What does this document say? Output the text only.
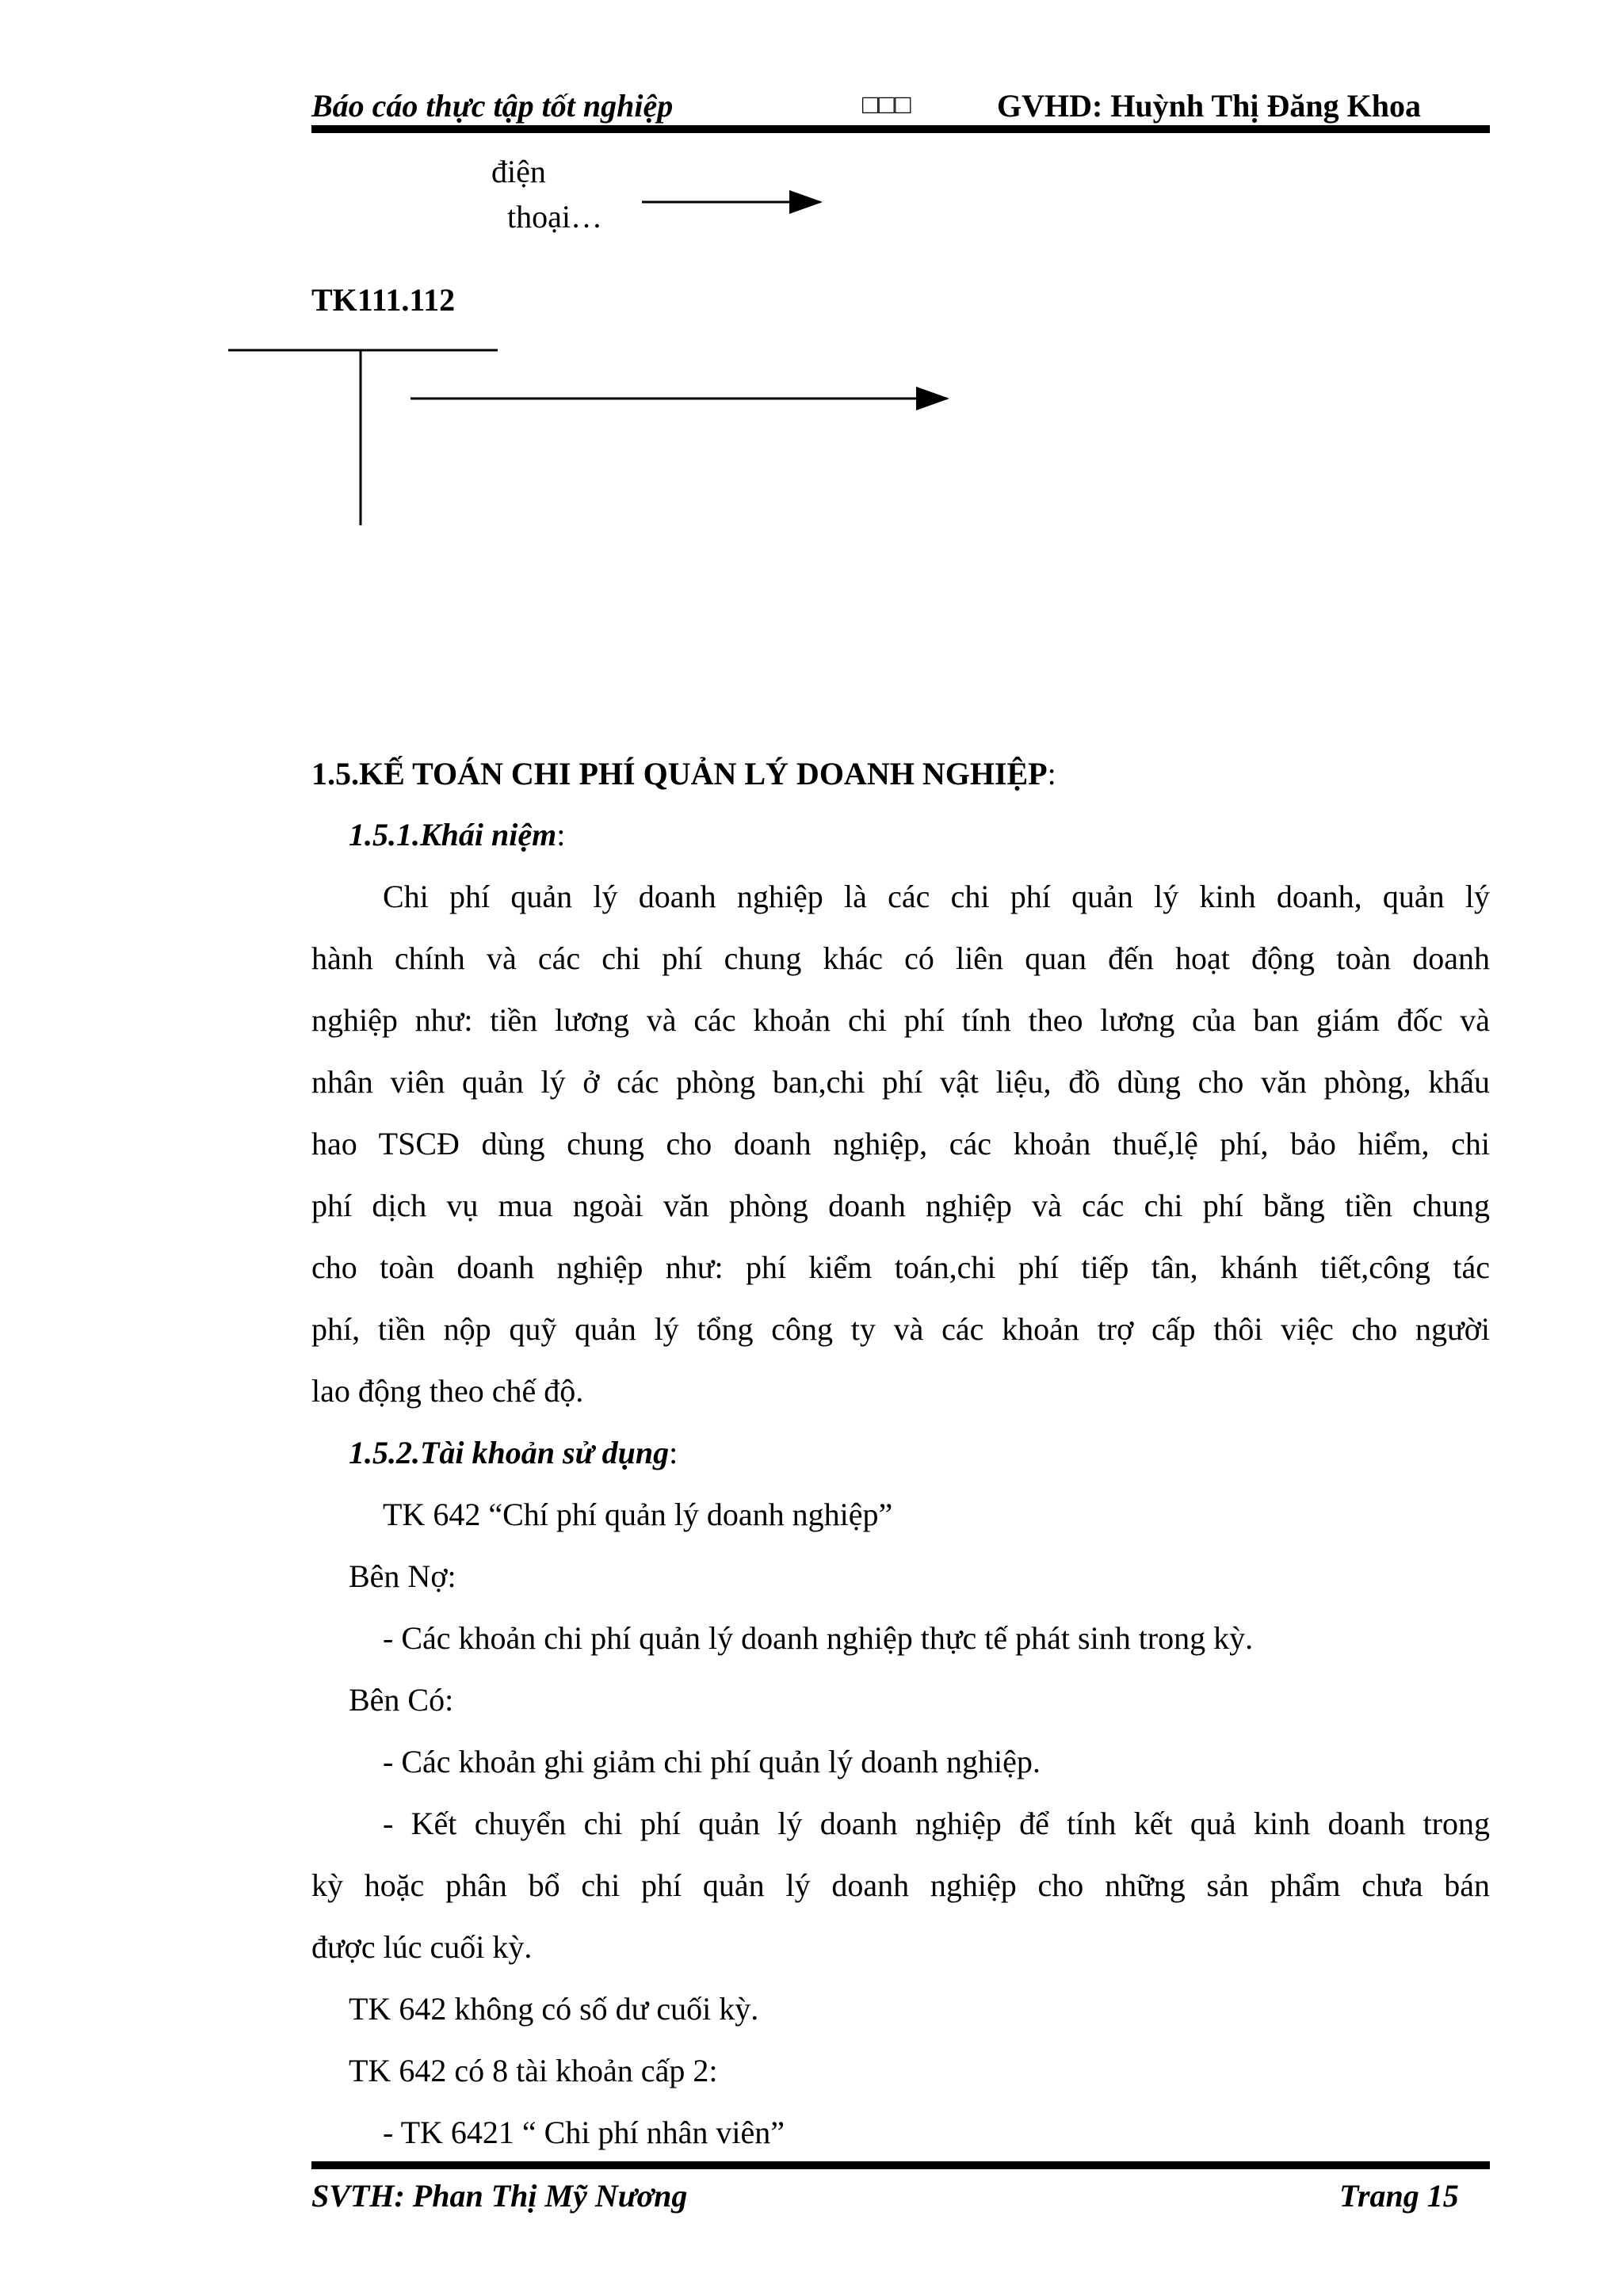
Báo cáo thực tập tốt nghiệp	□□□	GVHD: Huỳnh Thị Đăng Khoa
điện
thoại…
TK111.112
1.5.KẾ TOÁN CHI PHÍ QUẢN LÝ DOANH NGHIỆP:
1.5.1.Khái niệm:
Chi phí quản lý doanh nghiệp là các chi phí quản lý kinh doanh, quản lý
hành chính và các chi phí chung khác có liên quan đến hoạt động toàn doanh
nghiệp như: tiền lương và các khoản chi phí tính theo lương của ban giám đốc và
nhân viên quản lý ở các phòng ban,chi phí vật liệu, đồ dùng cho văn phòng, khấu
hao TSCĐ dùng chung cho doanh nghiệp, các khoản thuế,lệ phí, bảo hiểm, chi
phí dịch vụ mua ngoài văn phòng doanh nghiệp và các chi phí bằng tiền chung
cho toàn doanh nghiệp như: phí kiểm toán,chi phí tiếp tân, khánh tiết,công tác
phí, tiền nộp quỹ quản lý tổng công ty và các khoản trợ cấp thôi việc cho người
lao động theo chế độ.
1.5.2.Tài khoản sử dụng:
TK 642 “Chí phí quản lý doanh nghiệp”
Bên Nợ:
- Các khoản chi phí quản lý doanh nghiệp thực tế phát sinh trong kỳ.
Bên Có:
- Các khoản ghi giảm chi phí quản lý doanh nghiệp.
- Kết chuyển chi phí quản lý doanh nghiệp để tính kết quả kinh doanh trong
kỳ hoặc phân bổ chi phí quản lý doanh nghiệp cho những sản phẩm chưa bán
được lúc cuối kỳ.
TK 642 không có số dư cuối kỳ.
TK 642 có 8 tài khoản cấp 2:
- TK 6421 “ Chi phí nhân viên”
SVTH: Phan Thị Mỹ Nương	Trang 15
